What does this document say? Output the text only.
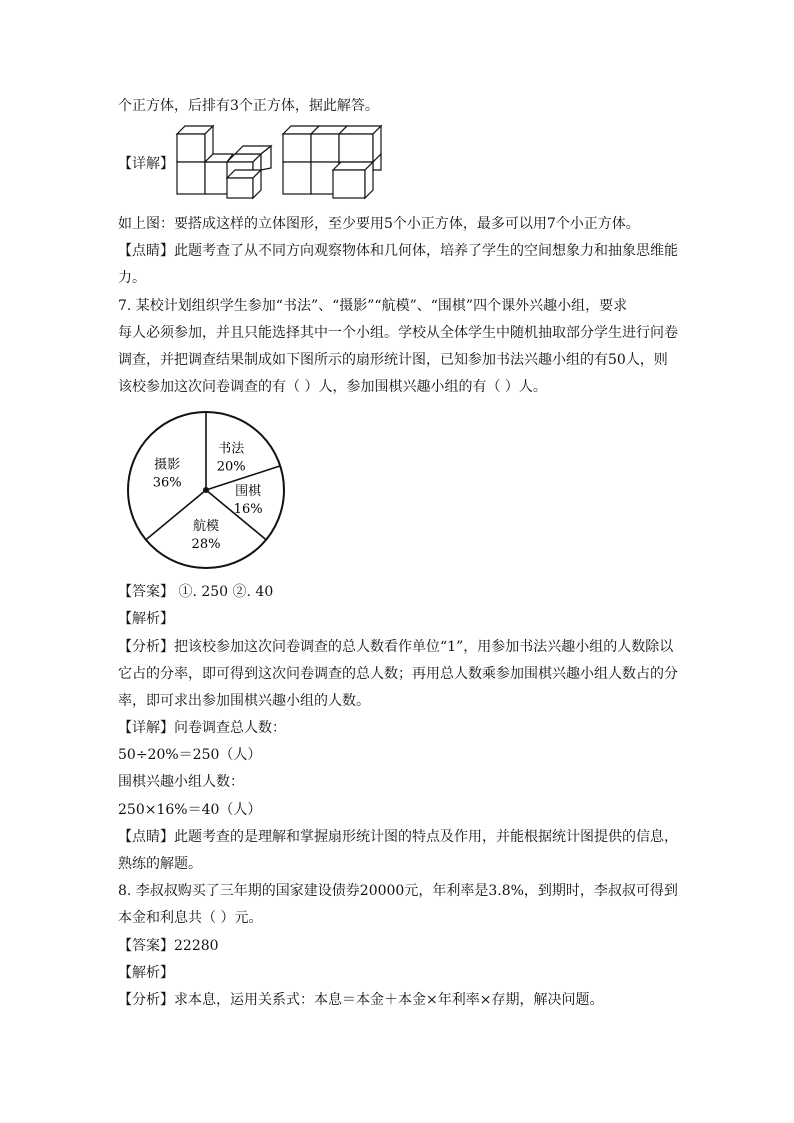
个正方体，后排有3个正方体，据此解答。
【详解】
如上图：要搭成这样的立体图形，至少要用5个小正方体，最多可以用7个小正方体。
【点睛】此题考查了从不同方向观察物体和几何体，培养了学生的空间想象力和抽象思维能
力。
7. 某校计划组织学生参加“书法”、“摄影”“航模”、“围棋”四个课外兴趣小组，要求
每人必须参加，并且只能选择其中一个小组。学校从全体学生中随机抽取部分学生进行问卷
调查，并把调查结果制成如下图所示的扇形统计图，已知参加书法兴趣小组的有50人，则
该校参加这次问卷调查的有（ ）人，参加围棋兴趣小组的有（ ）人。
书法
20%
围棋
16%
航模
28%
摄影
36%
【答案】 ①. 250 ②. 40
【解析】
【分析】把该校参加这次问卷调查的总人数看作单位“1”，用参加书法兴趣小组的人数除以
它占的分率，即可得到这次问卷调查的总人数；再用总人数乘参加围棋兴趣小组人数占的分
率，即可求出参加围棋兴趣小组的人数。
【详解】问卷调查总人数：
50÷20%＝250（人）
围棋兴趣小组人数：
250×16%＝40（人）
【点睛】此题考查的是理解和掌握扇形统计图的特点及作用，并能根据统计图提供的信息，
熟练的解题。
8. 李叔叔购买了三年期的国家建设债券20000元，年利率是3.8%，到期时，李叔叔可得到
本金和利息共（ ）元。
【答案】22280
【解析】
【分析】求本息，运用关系式：本息＝本金＋本金×年利率×存期，解决问题。
